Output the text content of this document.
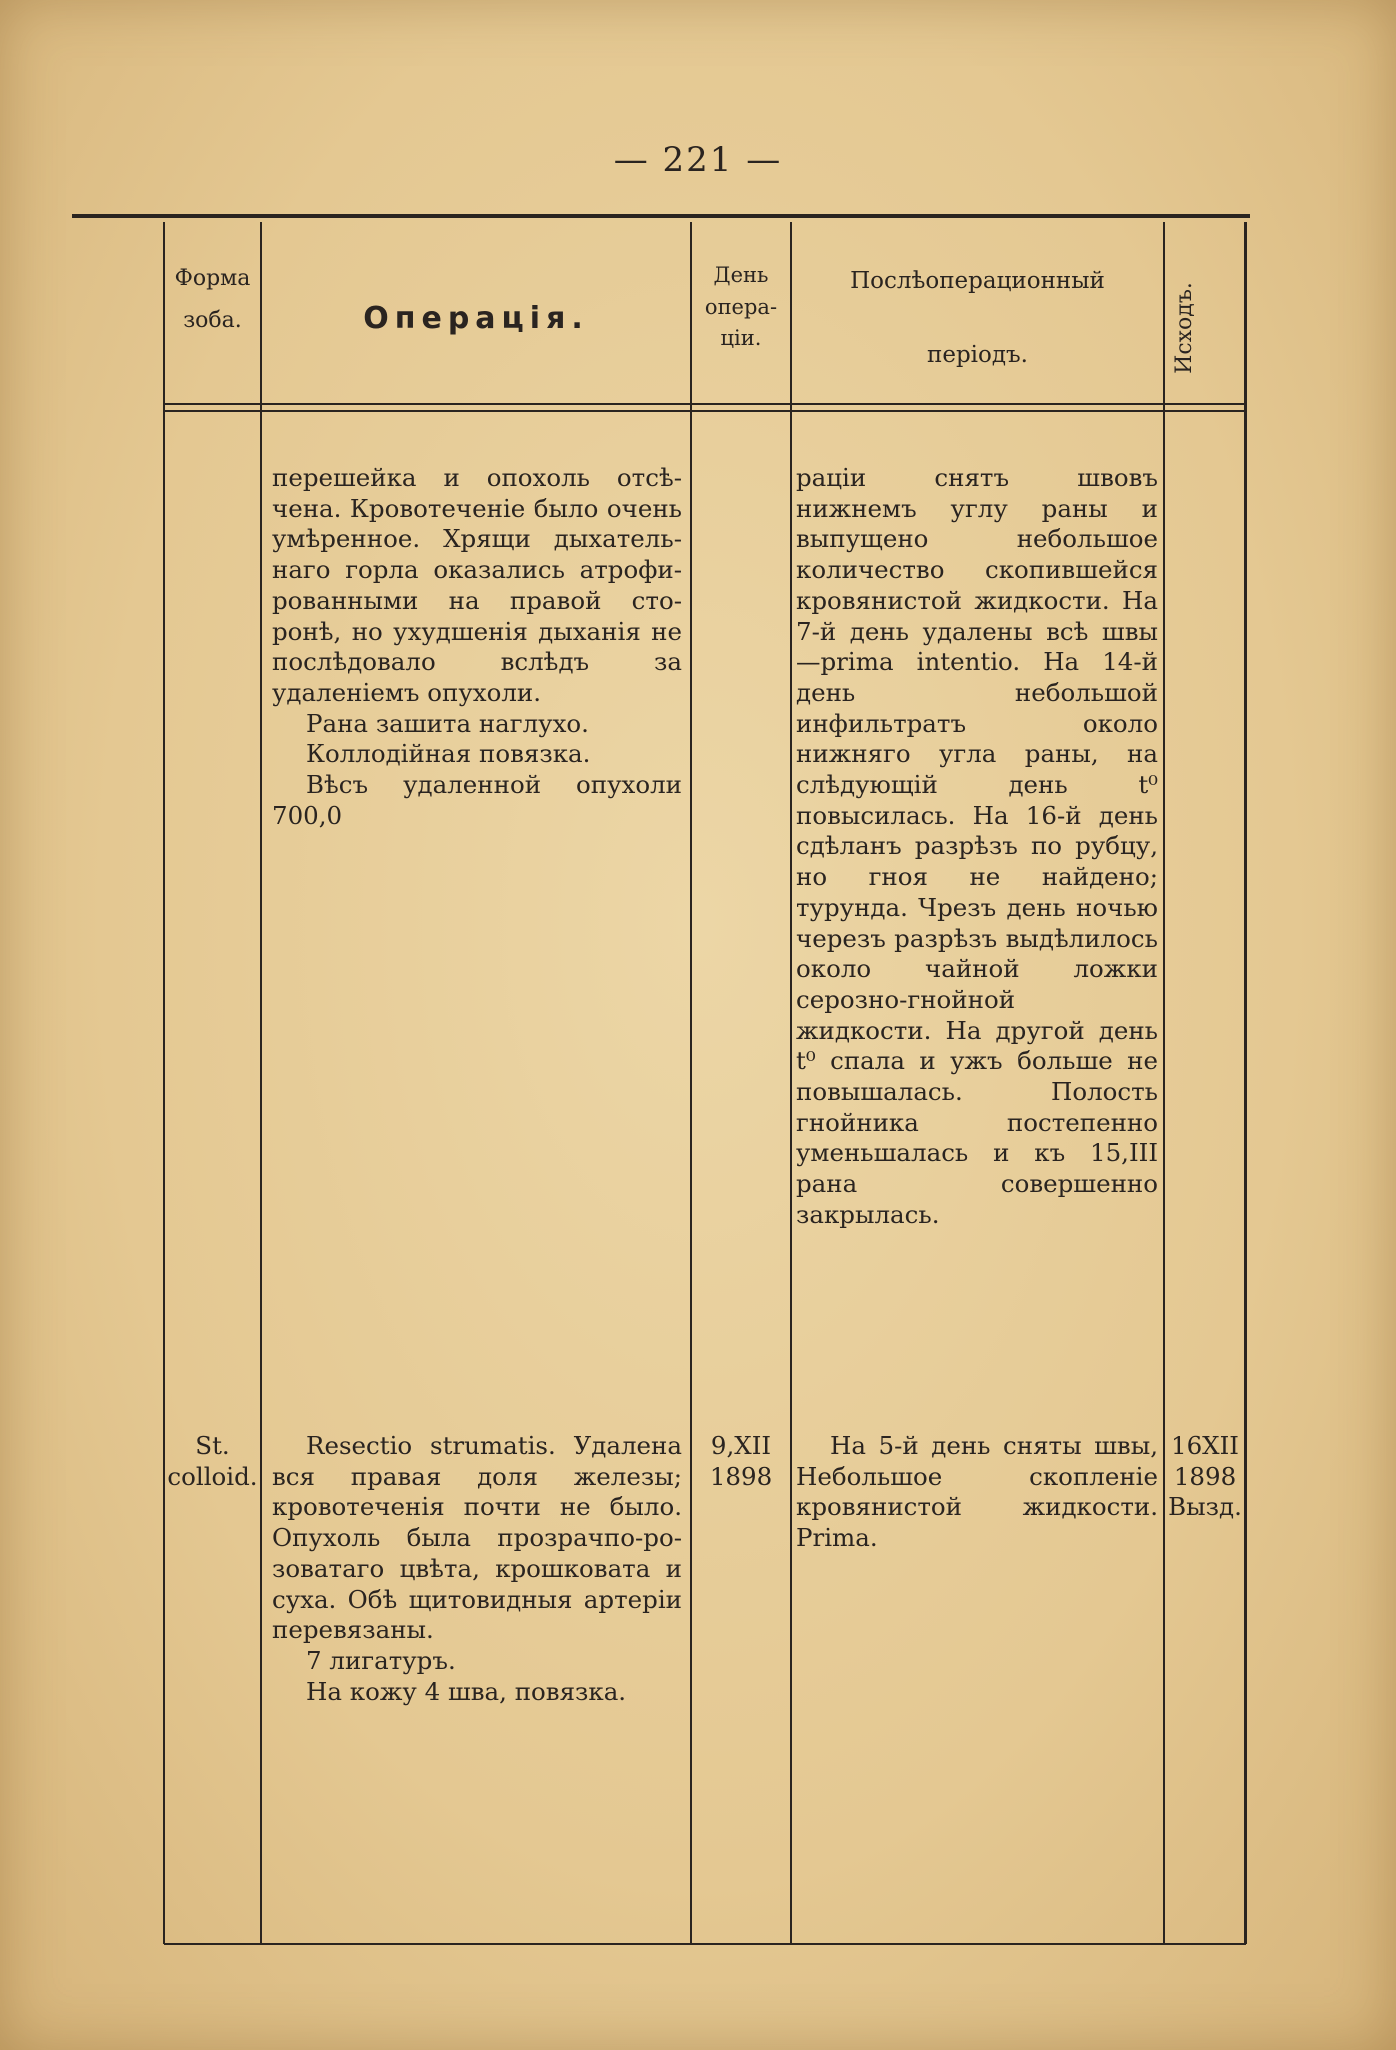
— 221 —
Форма
зоба.	Операція.
День
опера-
ціи.
Послѣоперационный
періодъ.	Исходъ.

перешейка и опохоль отсѣ- чена. Кровотеченіе было очень умѣренное. Хрящи дыхатель- наго горла оказались атрофи- рованными на правой сто- ронѣ, но ухудшенія дыханія не послѣдовало вслѣдъ за удаленіемъ опухоли.

Рана зашита наглухо.

Коллодійная повязка.

Вѣсъ удаленной опухоли 700,0

раціи снятъ швовъ нижнемъ углу раны и выпущено небольшое количество скопившейся кровянистой жидкости. На 7-й день удалены всѣ швы—prima intentio. На 14-й день небольшой инфильтратъ около нижняго угла раны, на слѣдующій день t⁰ повысилась. На 16-й день сдѣланъ разрѣзъ по рубцу, но гноя не найдено; турунда. Чрезъ день ночью черезъ разрѣзъ выдѣлилось около чайной ложки серозно-гнойной жидкости. На другой день t⁰ спала и ужъ больше не повышалась. Полость гнойника постепенно уменьшалась и къ 15,III рана совершенно закрылась.
St.
colloid.

Resectio strumatis. Удалена вся правая доля железы; кровотеченія почти не было. Опухоль была прозрачпо-ро- зоватаго цвѣта, крошковата и суха. Обѣ щитовидныя артеріи перевязаны.

7 лигатуръ.

На кожу 4 шва, повязка.

9,XII
1898
На 5-й день сняты швы, Небольшое скопленіе кровянистой жидкости. Prima.
16XII
1898
Вызд.
